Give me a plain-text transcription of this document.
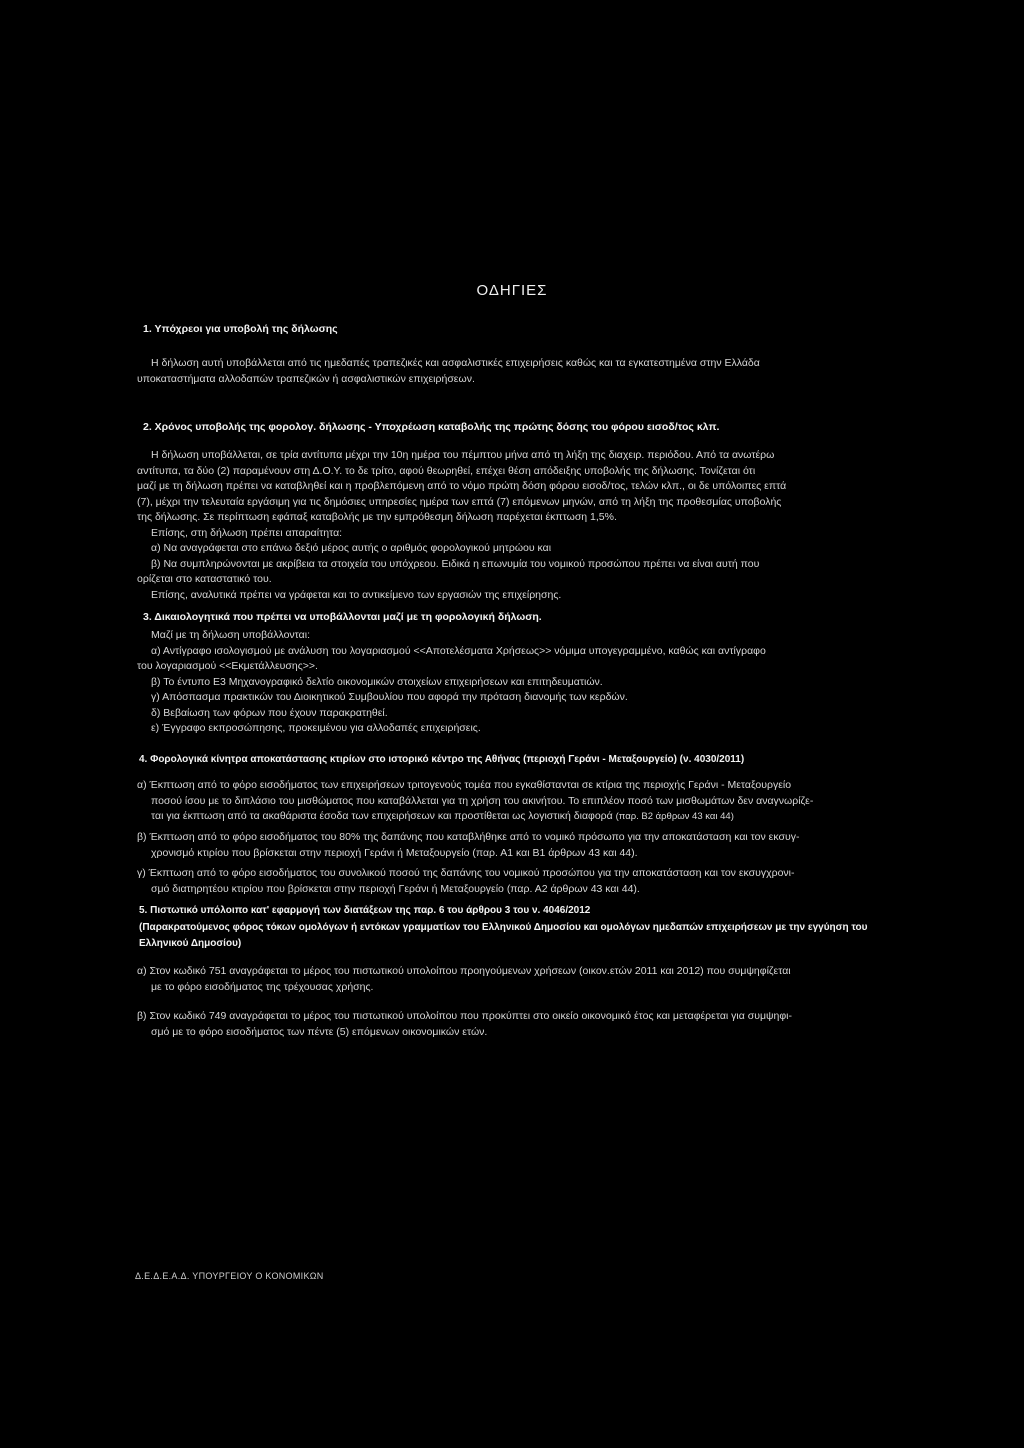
ΟΔΗΓΙΕΣ
1. Υπόχρεοι για υποβολή της δήλωσης
Η δήλωση αυτή υποβάλλεται από τις ημεδαπές τραπεζικές και ασφαλιστικές επιχειρήσεις καθώς και τα εγκατεστημένα στην Ελλάδα
υποκαταστήματα αλλοδαπών τραπεζικών ή ασφαλιστικών επιχειρήσεων.
2. Χρόνος υποβολής της φορολογ. δήλωσης - Υποχρέωση καταβολής της πρώτης δόσης του φόρου εισοδ/τος κλπ.
Η δήλωση υποβάλλεται, σε τρία αντίτυπα μέχρι την 10η ημέρα του πέμπτου μήνα από τη λήξη της διαχειρ. περιόδου. Από τα ανωτέρω
αντίτυπα, τα δύο (2) παραμένουν στη Δ.Ο.Υ. το δε τρίτο, αφού θεωρηθεί, επέχει θέση απόδειξης υποβολής της δήλωσης. Τονίζεται ότι
μαζί με τη δήλωση πρέπει να καταβληθεί και η προβλεπόμενη από το νόμο πρώτη δόση φόρου εισοδ/τος, τελών κλπ., οι δε υπόλοιπες επτά
(7), μέχρι την τελευταία εργάσιμη για τις δημόσιες υπηρεσίες ημέρα των επτά (7) επόμενων μηνών, από τη λήξη της προθεσμίας υποβολής
της δήλωσης. Σε περίπτωση εφάπαξ καταβολής με την εμπρόθεσμη δήλωση παρέχεται έκπτωση 1,5%.
Επίσης, στη δήλωση πρέπει απαραίτητα:
α) Να αναγράφεται στο επάνω δεξιό μέρος αυτής ο αριθμός φορολογικού μητρώου και
β) Να συμπληρώνονται με ακρίβεια τα στοιχεία του υπόχρεου. Ειδικά η επωνυμία του νομικού προσώπου πρέπει να είναι αυτή που
ορίζεται στο καταστατικό του.
Επίσης, αναλυτικά πρέπει να γράφεται και το αντικείμενο των εργασιών της επιχείρησης.
3. Δικαιολογητικά που πρέπει να υποβάλλονται μαζί με τη φορολογική δήλωση.
Μαζί με τη δήλωση υποβάλλονται:
α) Αντίγραφο ισολογισμού με ανάλυση του λογαριασμού <<Αποτελέσματα Χρήσεως>> νόμιμα υπογεγραμμένο, καθώς και αντίγραφο
του λογαριασμού <<Εκμετάλλευσης>>.
β) Το έντυπο Ε3 Μηχανογραφικό δελτίο οικονομικών στοιχείων επιχειρήσεων και επιτηδευματιών.
γ) Απόσπασμα πρακτικών του Διοικητικού Συμβουλίου που αφορά την πρόταση διανομής των κερδών.
δ) Βεβαίωση των φόρων που έχουν παρακρατηθεί.
ε) Έγγραφο εκπροσώπησης, προκειμένου για αλλοδαπές επιχειρήσεις.
4. Φορολογικά κίνητρα αποκατάστασης κτιρίων στο ιστορικό κέντρο της Αθήνας (περιοχή Γεράνι - Μεταξουργείο) (ν. 4030/2011)
α) Έκπτωση από το φόρο εισοδήματος των επιχειρήσεων τριτογενούς τομέα που εγκαθίστανται σε κτίρια της περιοχής Γεράνι - Μεταξουργείο
ποσού ίσου με το διπλάσιο του μισθώματος που καταβάλλεται για τη χρήση του ακινήτου. Το επιπλέον ποσό των μισθωμάτων δεν αναγνωρίζε-
ται για έκπτωση από τα ακαθάριστα έσοδα των επιχειρήσεων και προστίθεται ως λογιστική διαφορά (παρ. Β2 άρθρων 43 και 44)
β) Έκπτωση από το φόρο εισοδήματος του 80% της δαπάνης που καταβλήθηκε από το νομικό πρόσωπο για την αποκατάσταση και τον εκσυγ-
χρονισμό κτιρίου που βρίσκεται στην περιοχή Γεράνι ή Μεταξουργείο (παρ. Α1 και Β1 άρθρων 43 και 44).
γ) Έκπτωση από το φόρο εισοδήματος του συνολικού ποσού της δαπάνης του νομικού προσώπου για την αποκατάσταση και τον εκσυγχρονι-
σμό διατηρητέου κτιρίου που βρίσκεται στην περιοχή Γεράνι ή Μεταξουργείο (παρ. Α2 άρθρων 43 και 44).
5. Πιστωτικό υπόλοιπο κατ' εφαρμογή των διατάξεων της παρ. 6 του άρθρου 3 του ν. 4046/2012
(Παρακρατούμενος φόρος τόκων ομολόγων ή εντόκων γραμματίων του Ελληνικού Δημοσίου και ομολόγων ημεδαπών επιχειρήσεων με την εγγύηση του
Ελληνικού Δημοσίου)
α) Στον κωδικό 751 αναγράφεται το μέρος του πιστωτικού υπολοίπου προηγούμενων χρήσεων (οικον.ετών 2011 και 2012) που συμψηφίζεται
με το φόρο εισοδήματος της τρέχουσας χρήσης.
β) Στον κωδικό 749 αναγράφεται το μέρος του πιστωτικού υπολοίπου που προκύπτει στο οικείο οικονομικό έτος και μεταφέρεται για συμψηφι-
σμό με το φόρο εισοδήματος των πέντε (5) επόμενων οικονομικών ετών.
Δ.Ε.Δ.Ε.Α.Δ. ΥΠΟΥΡΓΕΙΟΥ Ο ΚΟΝΟΜΙΚΩΝ
